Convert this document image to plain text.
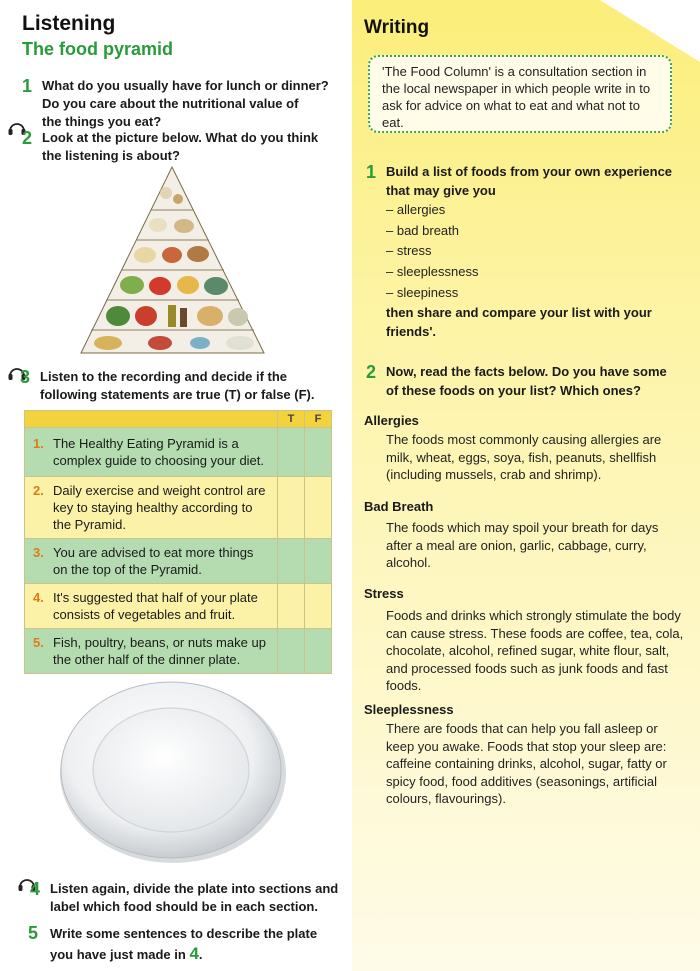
Listening
The food pyramid
1 What do you usually have for lunch or dinner?
Do you care about the nutritional value of
the things you eat?
2 Look at the picture below. What do you think
the listening is about?
3 Listen to the recording and decide if the
following statements are true (T) or false (F).
	T	F

1. The Healthy Eating Pyramid is a complex guide to choosing your diet.		

2. Daily exercise and weight control are key to staying healthy according to the Pyramid.		

3. You are advised to eat more things on the top of the Pyramid.		

4. It's suggested that half of your plate consists of vegetables and fruit.		

5. Fish, poultry, beans, or nuts make up the other half of the dinner plate.		

4 Listen again, divide the plate into sections and
label which food should be in each section.
5 Write some sentences to describe the plate
you have just made in 4.
Writing
'The Food Column' is a consultation section in the local newspaper in which people write in to ask for advice on what to eat and what not to eat.
1 Build a list of foods from your own experience
that may give you
– allergies
– bad breath
– stress
– sleeplessness
– sleepiness
then share and compare your list with your
friends'.
2 Now, read the facts below. Do you have some
of these foods on your list? Which ones?
Allergies
The foods most commonly causing allergies are milk, wheat, eggs, soya, fish, peanuts, shellfish (including mussels, crab and shrimp).
Bad Breath
The foods which may spoil your breath for days after a meal are onion, garlic, cabbage, curry, alcohol.
Stress
Foods and drinks which strongly stimulate the body can cause stress. These foods are coffee, tea, cola, chocolate, alcohol, refined sugar, white flour, salt, and processed foods such as junk foods and fast foods.
Sleeplessness
There are foods that can help you fall asleep or keep you awake. Foods that stop your sleep are: caffeine containing drinks, alcohol, sugar, fatty or spicy food, food additives (seasonings, artificial colours, flavourings).
